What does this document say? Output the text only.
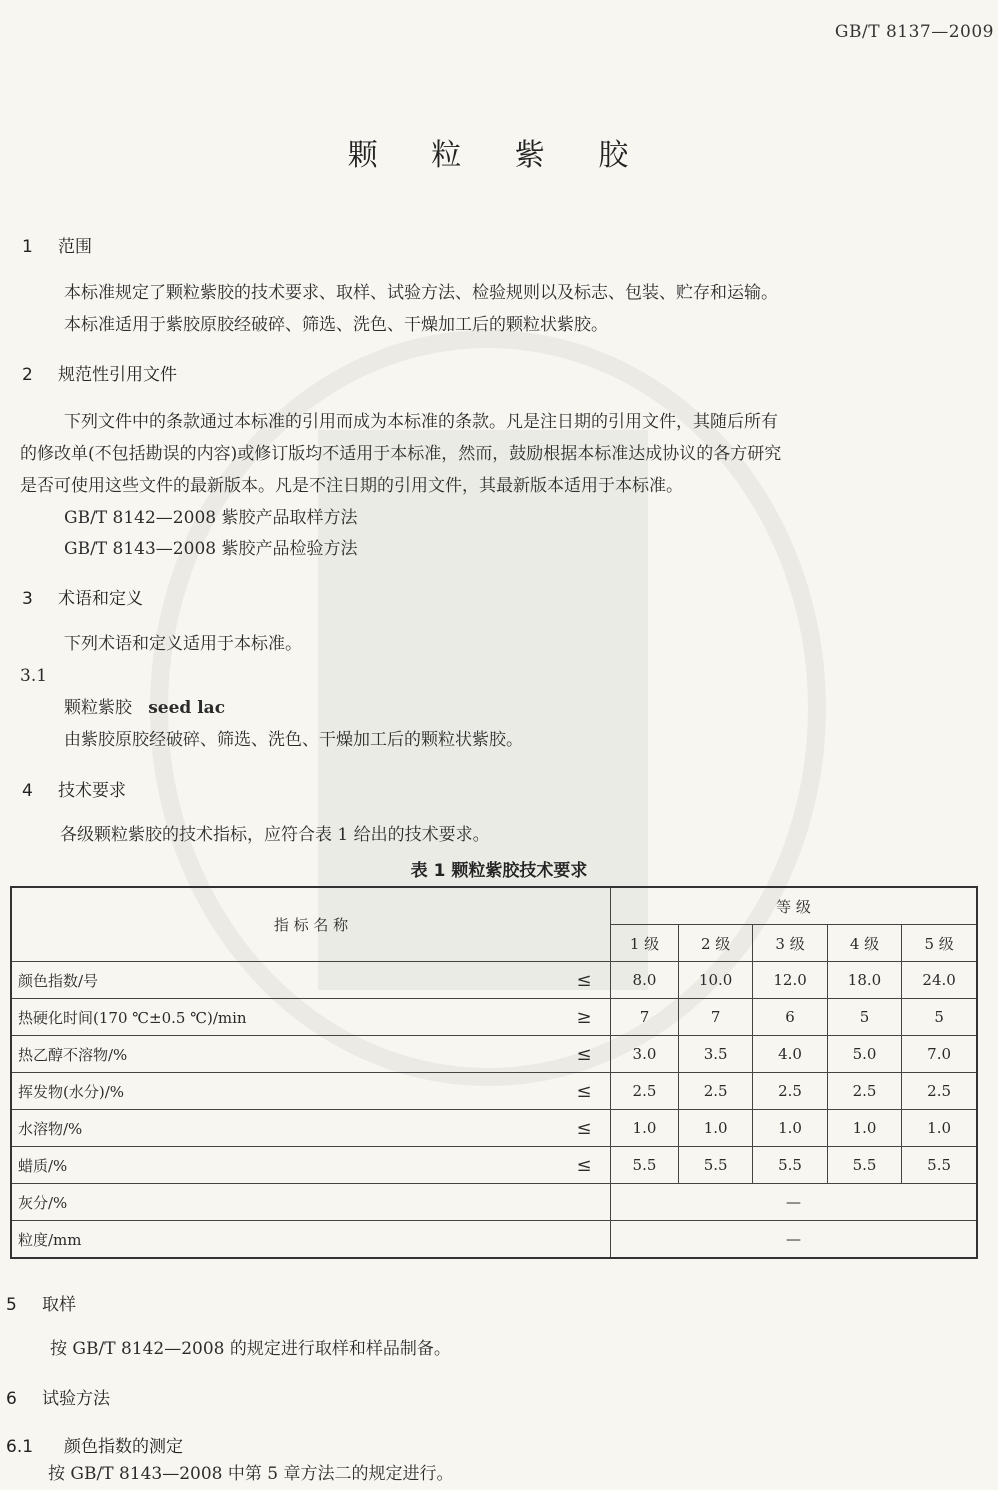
GB/T 8137—2009
颗 粒 紫 胶
1 范围
本标准规定了颗粒紫胶的技术要求、取样、试验方法、检验规则以及标志、包装、贮存和运输。
本标准适用于紫胶原胶经破碎、筛选、洗色、干燥加工后的颗粒状紫胶。
2 规范性引用文件
下列文件中的条款通过本标准的引用而成为本标准的条款。凡是注日期的引用文件，其随后所有
的修改单(不包括勘误的内容)或修订版均不适用于本标准，然而，鼓励根据本标准达成协议的各方研究
是否可使用这些文件的最新版本。凡是不注日期的引用文件，其最新版本适用于本标准。
GB/T 8142—2008 紫胶产品取样方法
GB/T 8143—2008 紫胶产品检验方法
3 术语和定义
下列术语和定义适用于本标准。
3.1
颗粒紫胶 seed lac
由紫胶原胶经破碎、筛选、洗色、干燥加工后的颗粒状紫胶。
4 技术要求
各级颗粒紫胶的技术指标，应符合表 1 给出的技术要求。
表 1 颗粒紫胶技术要求
指 标 名 称		等 级				
		1 级	2 级	3 级	4 级	5 级
颜色指数/号	≤	8.0	10.0	12.0	18.0	24.0
热硬化时间(170 ℃±0.5 ℃)/min	≥	7	7	6	5	5
热乙醇不溶物/%	≤	3.0	3.5	4.0	5.0	7.0
挥发物(水分)/%	≤	2.5	2.5	2.5	2.5	2.5
水溶物/%	≤	1.0	1.0	1.0	1.0	1.0
蜡质/%	≤	5.5	5.5	5.5	5.5	5.5
灰分/%		—				
粒度/mm		—				
5 取样
按 GB/T 8142—2008 的规定进行取样和样品制备。
6 试验方法
6.1 颜色指数的测定
按 GB/T 8143—2008 中第 5 章方法二的规定进行。
